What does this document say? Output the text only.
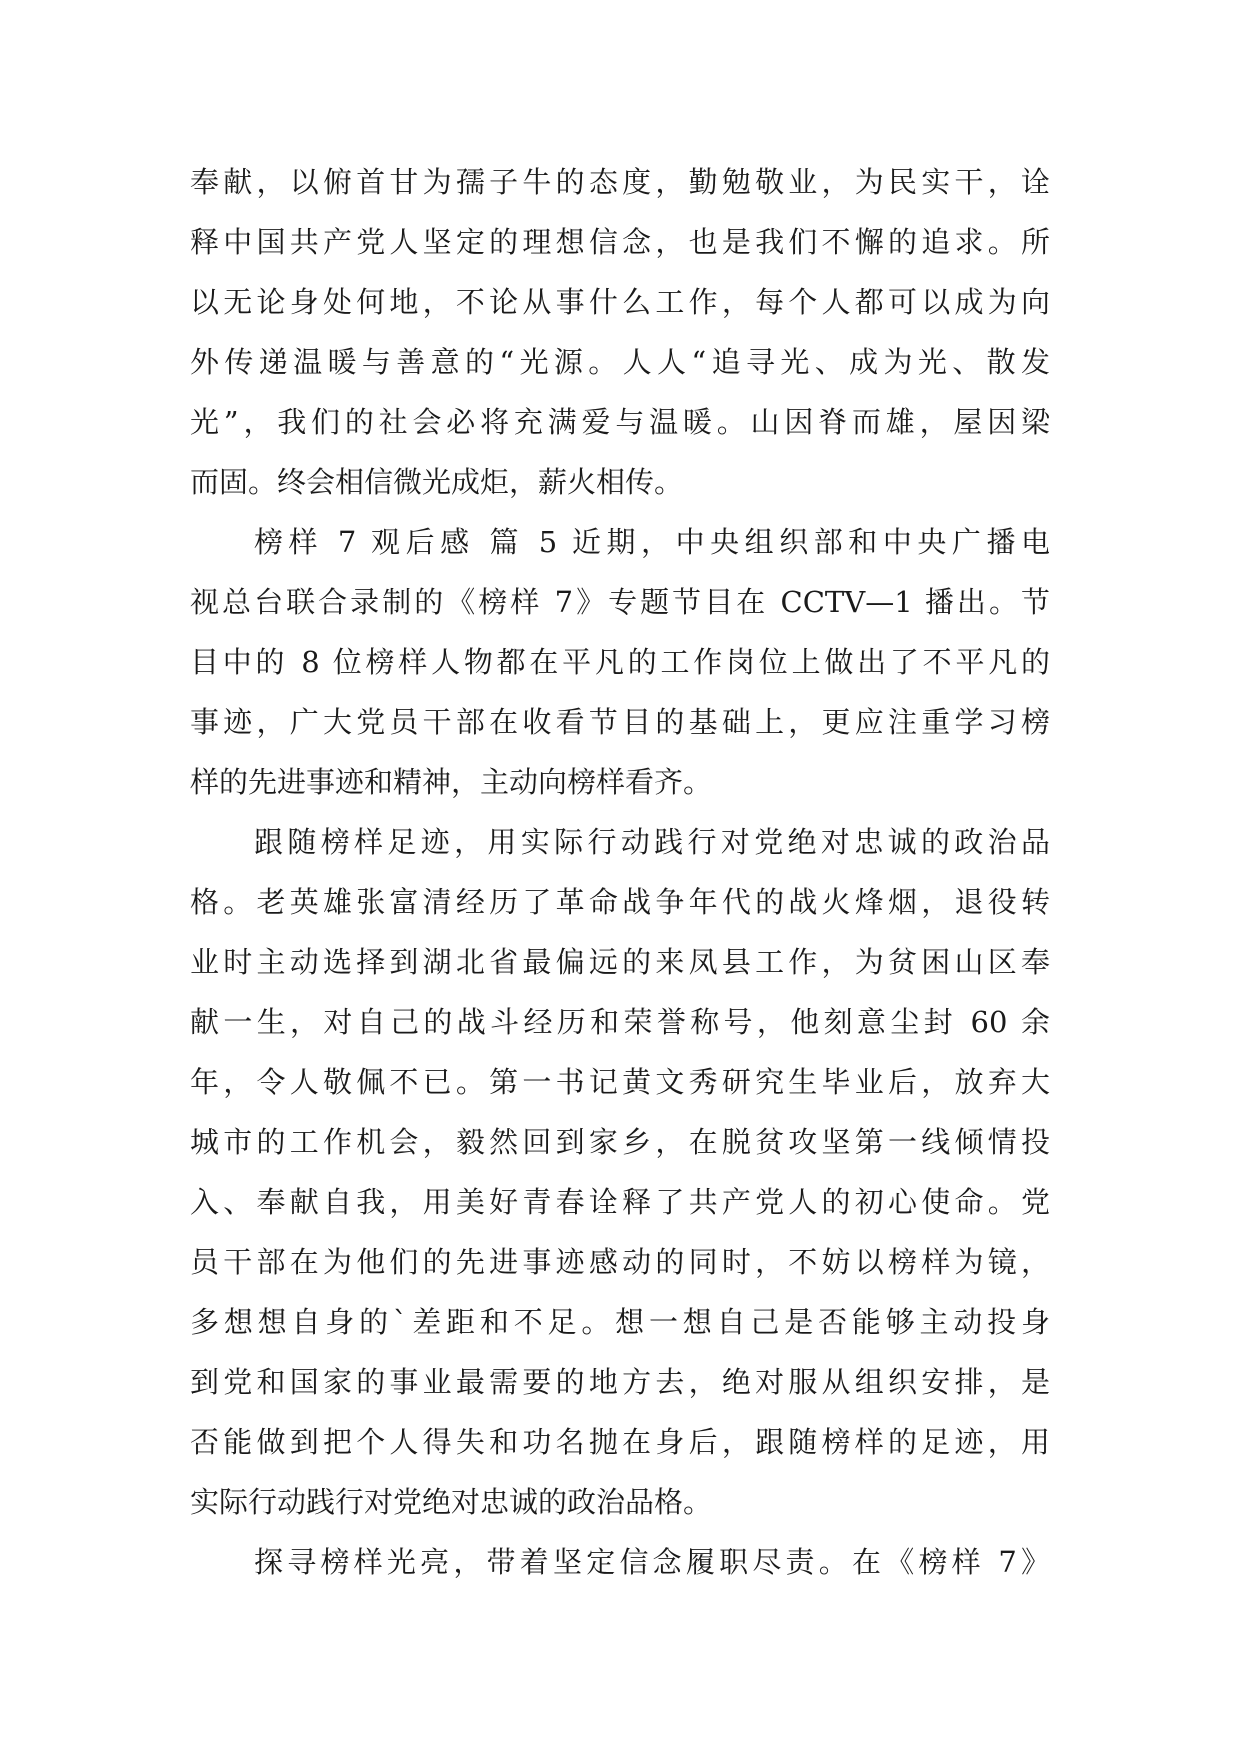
奉献，以俯首甘为孺子牛的态度，勤勉敬业，为民实干，诠
释中国共产党人坚定的理想信念，也是我们不懈的追求。所
以无论身处何地，不论从事什么工作，每个人都可以成为向
外传递温暖与善意的“光源。人人“追寻光、成为光、散发
光”，我们的社会必将充满爱与温暖。山因脊而雄，屋因梁
而固。终会相信微光成炬，薪火相传。
榜样 7 观后感 篇 5 近期，中央组织部和中央广播电
视总台联合录制的《榜样 7》专题节目在 CCTV—1 播出。节
目中的 8 位榜样人物都在平凡的工作岗位上做出了不平凡的
事迹，广大党员干部在收看节目的基础上，更应注重学习榜
样的先进事迹和精神，主动向榜样看齐。
跟随榜样足迹，用实际行动践行对党绝对忠诚的政治品
格。老英雄张富清经历了革命战争年代的战火烽烟，退役转
业时主动选择到湖北省最偏远的来凤县工作，为贫困山区奉
献一生，对自己的战斗经历和荣誉称号，他刻意尘封 60 余
年，令人敬佩不已。第一书记黄文秀研究生毕业后，放弃大
城市的工作机会，毅然回到家乡，在脱贫攻坚第一线倾情投
入、奉献自我，用美好青春诠释了共产党人的初心使命。党
员干部在为他们的先进事迹感动的同时，不妨以榜样为镜，
多想想自身的`差距和不足。想一想自己是否能够主动投身
到党和国家的事业最需要的地方去，绝对服从组织安排，是
否能做到把个人得失和功名抛在身后，跟随榜样的足迹，用
实际行动践行对党绝对忠诚的政治品格。
探寻榜样光亮，带着坚定信念履职尽责。在《榜样 7》
